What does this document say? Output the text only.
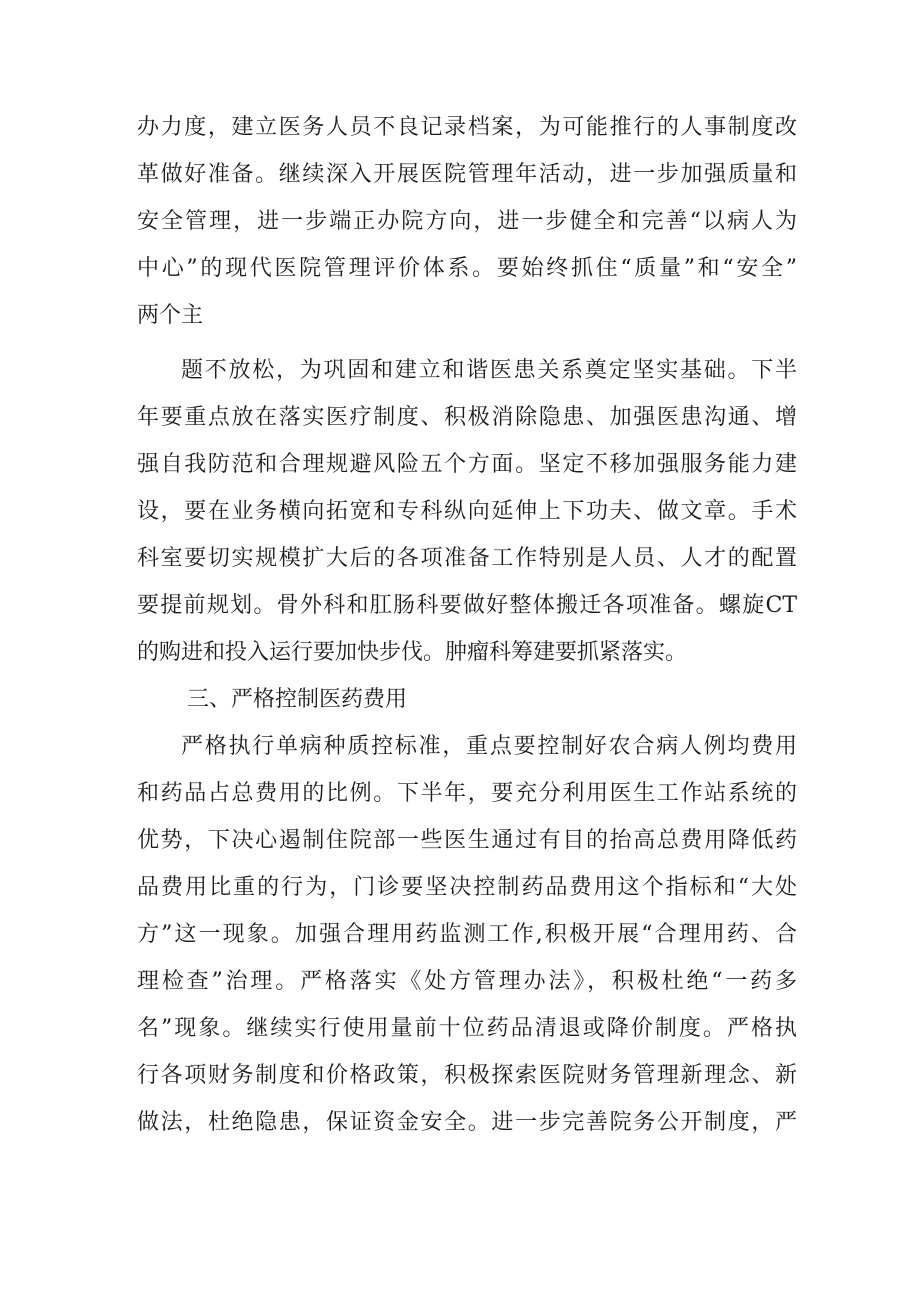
办力度，建立医务人员不良记录档案，为可能推行的人事制度改
革做好准备。继续深入开展医院管理年活动，进一步加强质量和
安全管理，进一步端正办院方向，进一步健全和完善“以病人为
中心”的现代医院管理评价体系。要始终抓住“质量”和“安全”
两个主
题不放松，为巩固和建立和谐医患关系奠定坚实基础。下半
年要重点放在落实医疗制度、积极消除隐患、加强医患沟通、增
强自我防范和合理规避风险五个方面。坚定不移加强服务能力建
设，要在业务横向拓宽和专科纵向延伸上下功夫、做文章。手术
科室要切实规模扩大后的各项准备工作特别是人员、人才的配置
要提前规划。骨外科和肛肠科要做好整体搬迁各项准备。螺旋CT
的购进和投入运行要加快步伐。肿瘤科筹建要抓紧落实。
三、严格控制医药费用
严格执行单病种质控标准，重点要控制好农合病人例均费用
和药品占总费用的比例。下半年，要充分利用医生工作站系统的
优势，下决心遏制住院部一些医生通过有目的抬高总费用降低药
品费用比重的行为，门诊要坚决控制药品费用这个指标和“大处
方”这一现象。加强合理用药监测工作,积极开展“合理用药、合
理检查”治理。严格落实《处方管理办法》，积极杜绝“一药多
名”现象。继续实行使用量前十位药品清退或降价制度。严格执
行各项财务制度和价格政策，积极探索医院财务管理新理念、新
做法，杜绝隐患，保证资金安全。进一步完善院务公开制度，严
